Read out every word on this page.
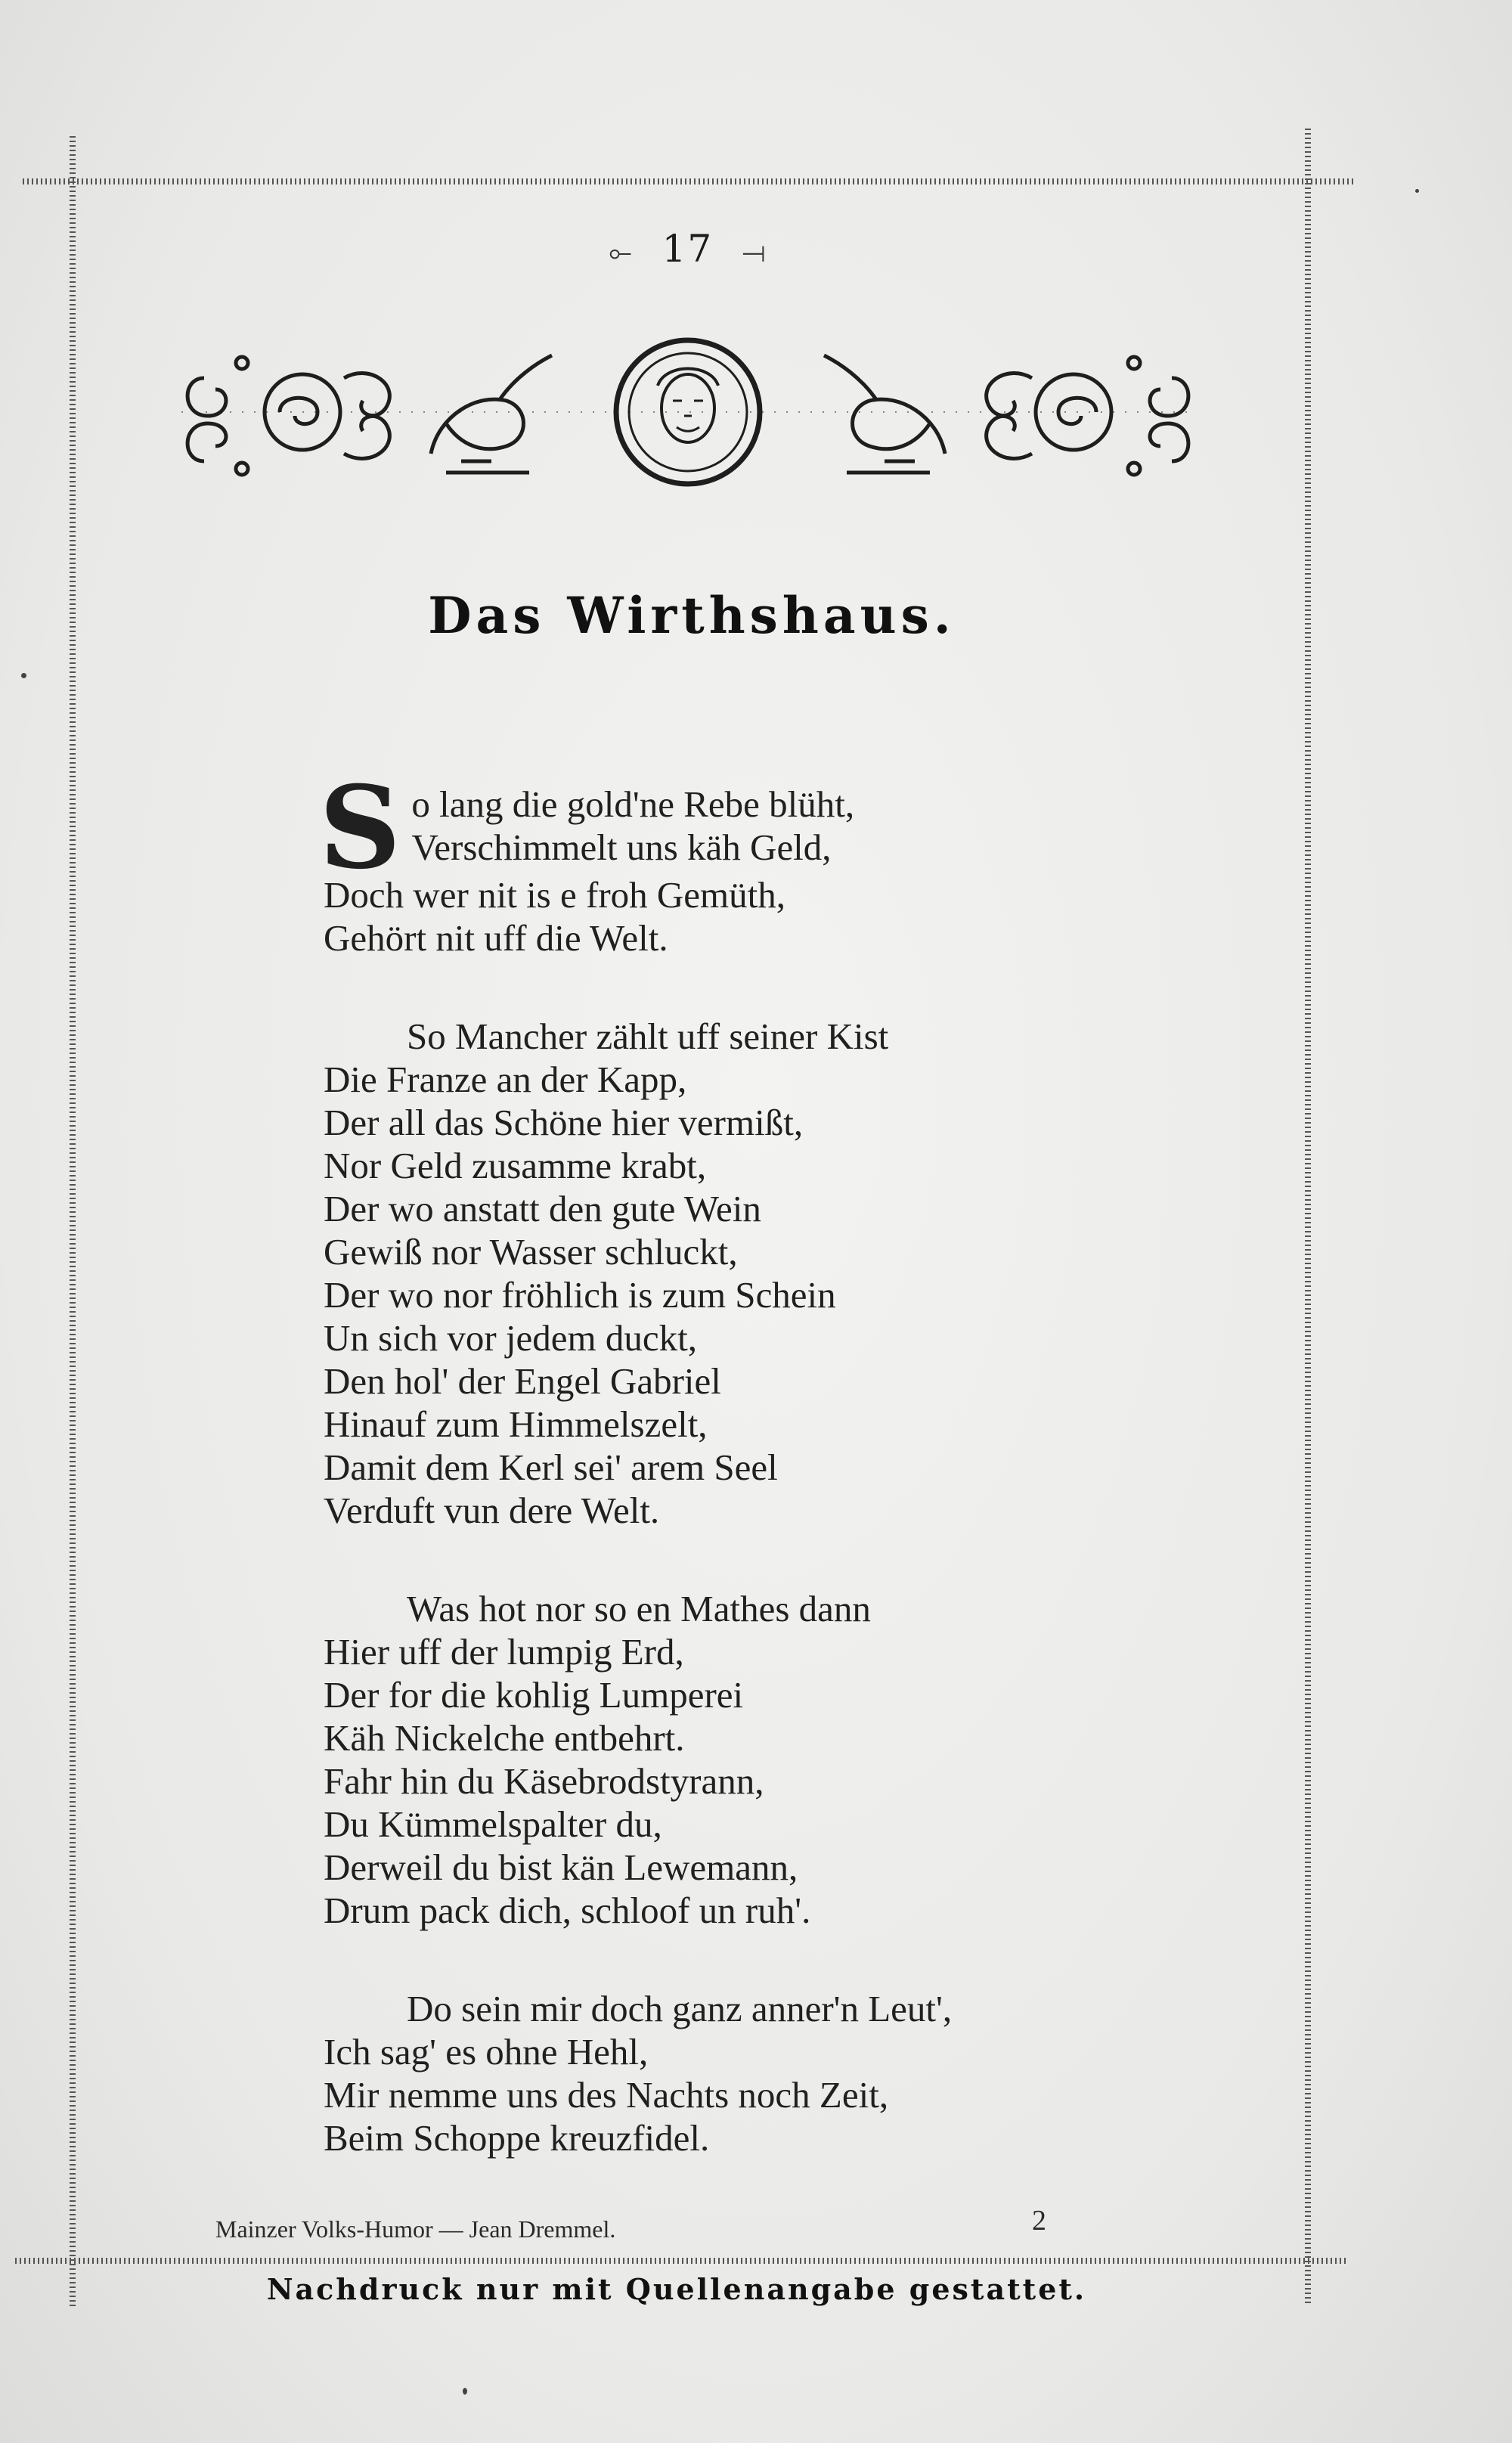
⟜ 17 ⟞
Das Wirthshaus.
S o lang die gold'ne Rebe blüht,
Verschimmelt uns käh Geld,
Doch wer nit is e froh Gemüth,
Gehört nit uff die Welt.
So Mancher zählt uff seiner Kist
Die Franze an der Kapp,
Der all das Schöne hier vermißt,
Nor Geld zusamme krabt,
Der wo anstatt den gute Wein
Gewiß nor Wasser schluckt,
Der wo nor fröhlich is zum Schein
Un sich vor jedem duckt,
Den hol' der Engel Gabriel
Hinauf zum Himmelszelt,
Damit dem Kerl sei' arem Seel
Verduft vun dere Welt.
Was hot nor so en Mathes dann
Hier uff der lumpig Erd,
Der for die kohlig Lumperei
Käh Nickelche entbehrt.
Fahr hin du Käsebrodstyrann,
Du Kümmelspalter du,
Derweil du bist kän Lewemann,
Drum pack dich, schloof un ruh'.
Do sein mir doch ganz anner'n Leut',
Ich sag' es ohne Hehl,
Mir nemme uns des Nachts noch Zeit,
Beim Schoppe kreuzfidel.
Mainzer Volks-Humor — Jean Dremmel.	2
Nachdruck nur mit Quellenangabe gestattet.
